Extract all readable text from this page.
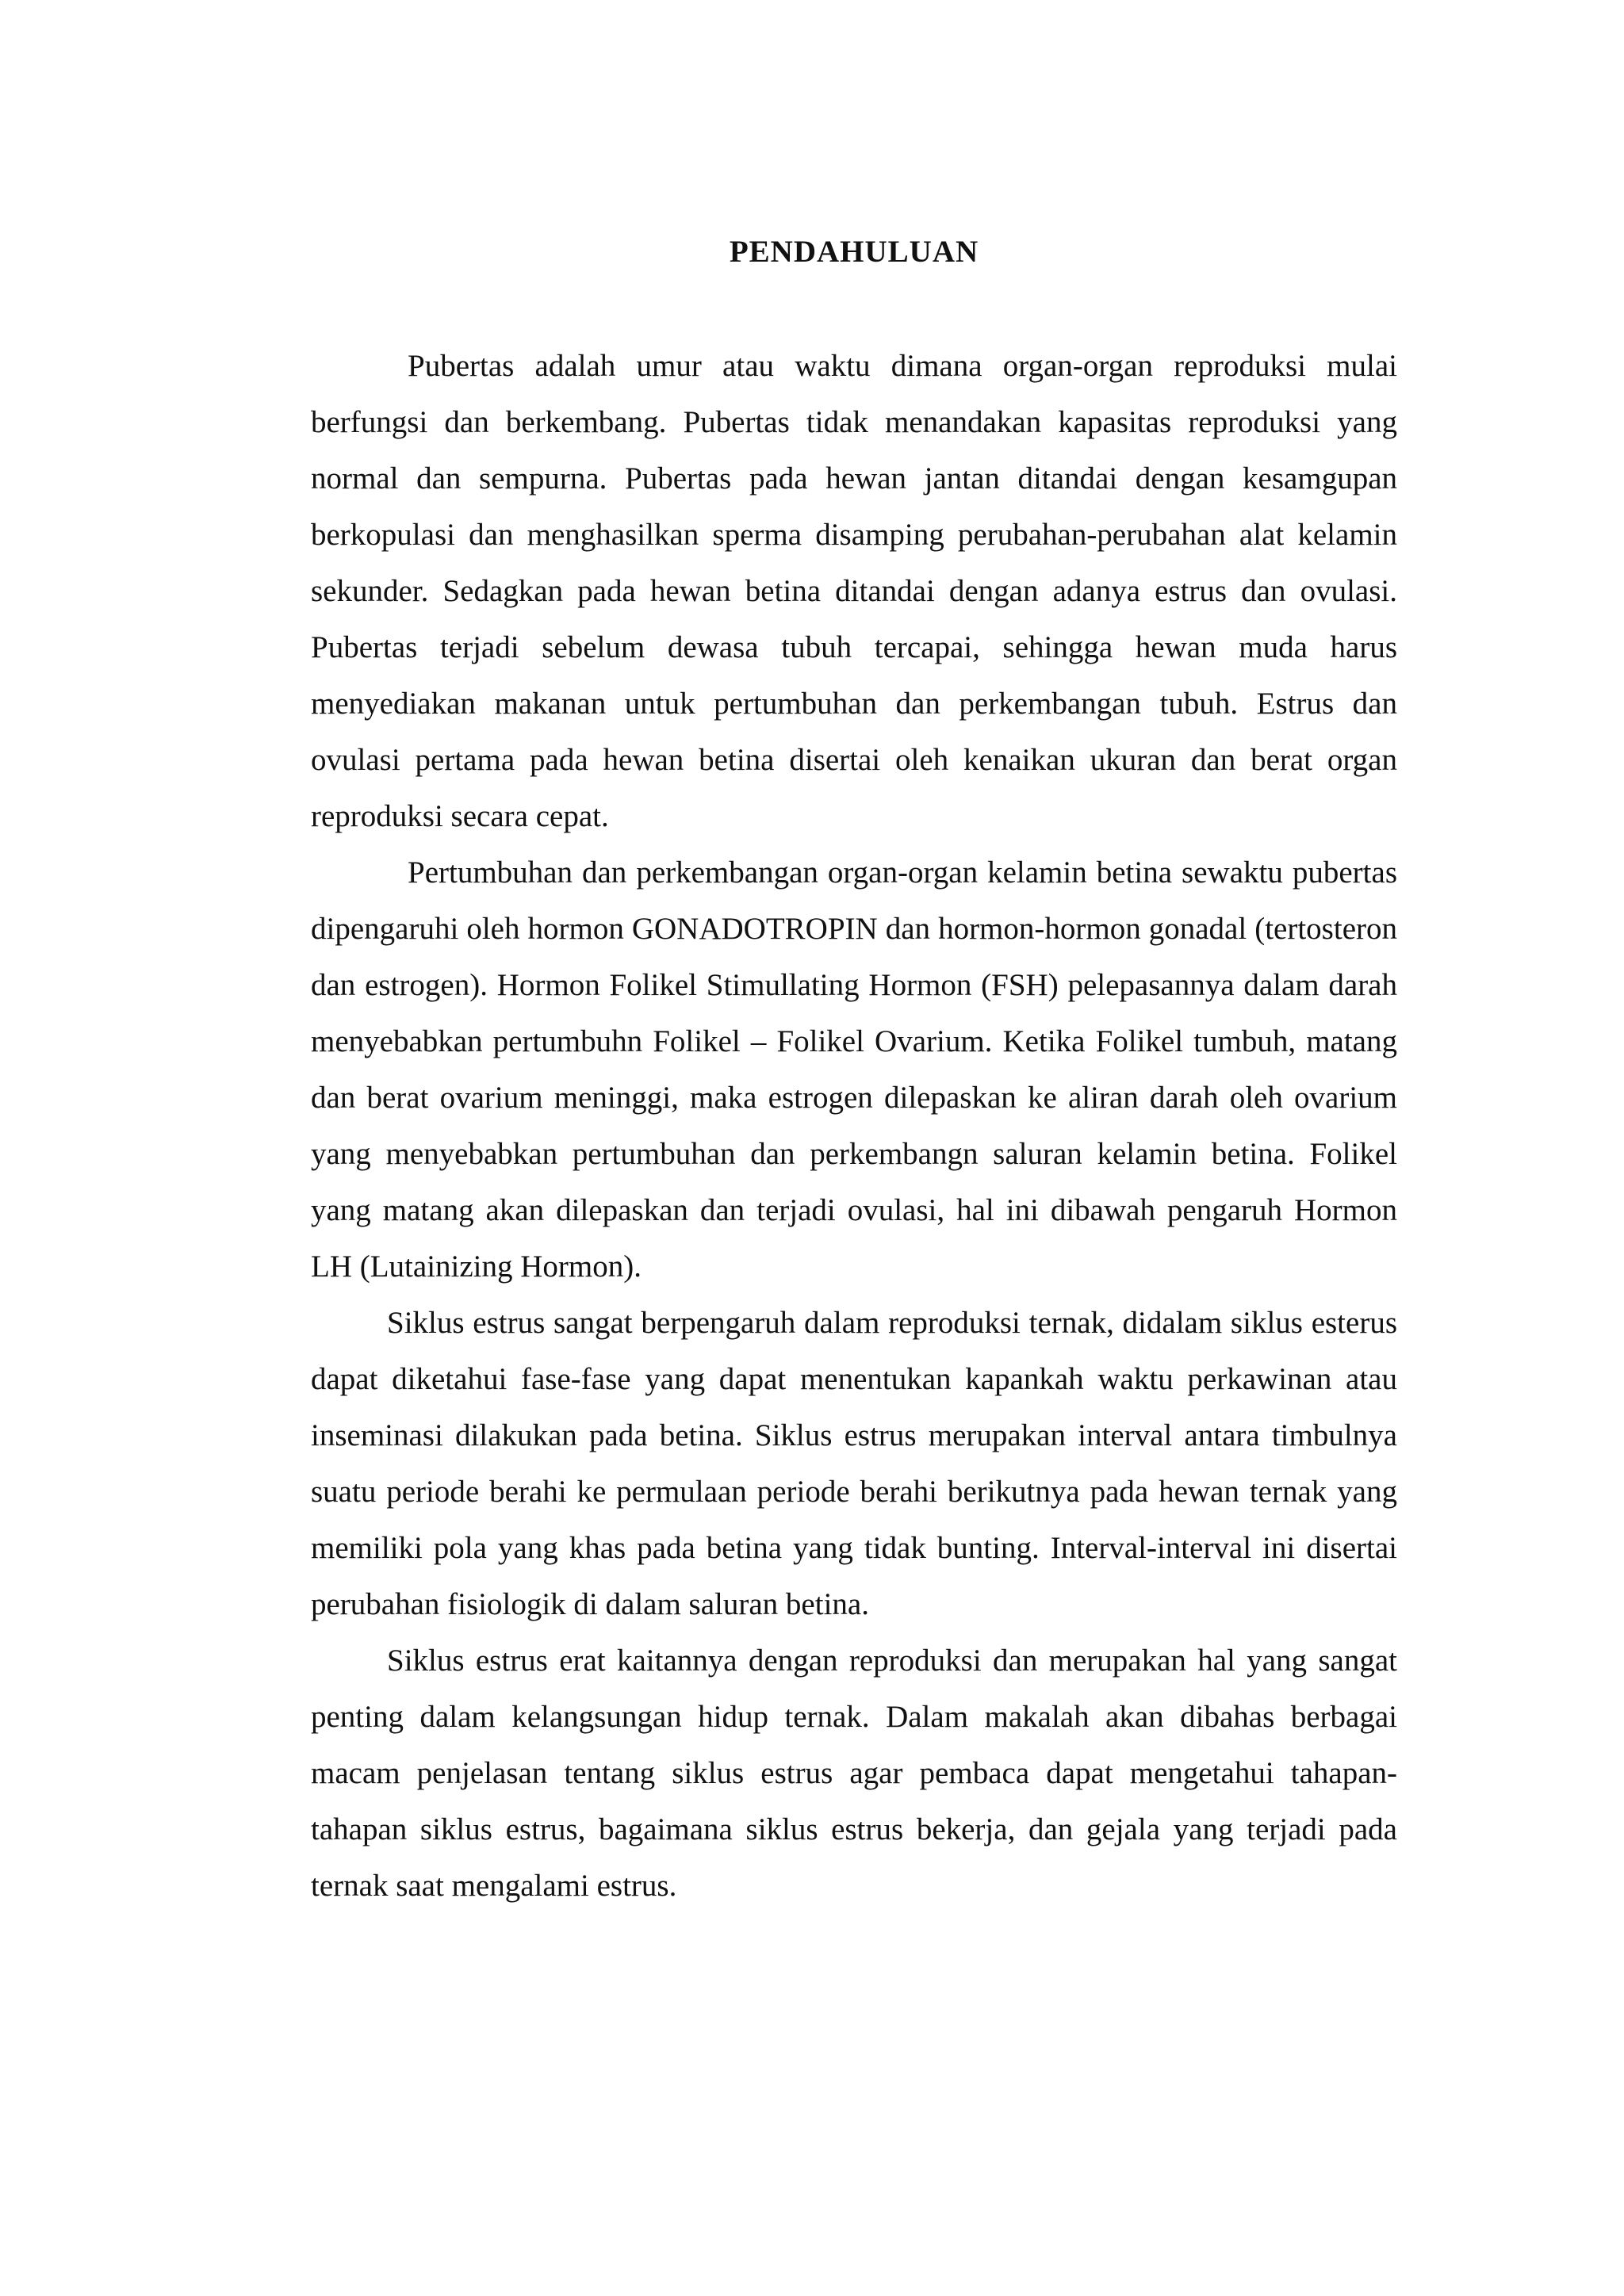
PENDAHULUAN

Pubertas adalah umur atau waktu dimana organ-organ reproduksi mulai berfungsi dan berkembang. Pubertas tidak menandakan kapasitas reproduksi yang normal dan sempurna. Pubertas pada hewan jantan ditandai dengan kesamgupan berkopulasi dan menghasilkan sperma disamping perubahan-perubahan alat kelamin sekunder. Sedagkan pada hewan betina ditandai dengan adanya estrus dan ovulasi. Pubertas terjadi sebelum dewasa tubuh tercapai, sehingga hewan muda harus menyediakan makanan untuk pertumbuhan dan perkembangan tubuh. Estrus dan ovulasi pertama pada hewan betina disertai oleh kenaikan ukuran dan berat organ reproduksi secara cepat.

Pertumbuhan dan perkembangan organ-organ kelamin betina sewaktu pubertas dipengaruhi oleh hormon GONADOTROPIN dan hormon-hormon gonadal (tertosteron dan estrogen). Hormon Folikel Stimullating Hormon (FSH) pelepasannya dalam darah menyebabkan pertumbuhn Folikel – Folikel Ovarium. Ketika Folikel tumbuh, matang dan berat ovarium meninggi, maka estrogen dilepaskan ke aliran darah oleh ovarium yang menyebabkan pertumbuhan dan perkembangn saluran kelamin betina. Folikel yang matang akan dilepaskan dan terjadi ovulasi, hal ini dibawah pengaruh Hormon LH (Lutainizing Hormon).

Siklus estrus sangat berpengaruh dalam reproduksi ternak, didalam siklus esterus dapat diketahui fase-fase yang dapat menentukan kapankah waktu perkawinan atau inseminasi dilakukan pada betina. Siklus estrus merupakan interval antara timbulnya suatu periode berahi ke permulaan periode berahi berikutnya pada hewan ternak yang memiliki pola yang khas pada betina yang tidak bunting. Interval-interval ini disertai perubahan fisiologik di dalam saluran betina.

Siklus estrus erat kaitannya dengan reproduksi dan merupakan hal yang sangat penting dalam kelangsungan hidup ternak. Dalam makalah akan dibahas berbagai macam penjelasan tentang siklus estrus agar pembaca dapat mengetahui tahapan-tahapan siklus estrus, bagaimana siklus estrus bekerja, dan gejala yang terjadi pada ternak saat mengalami estrus.
